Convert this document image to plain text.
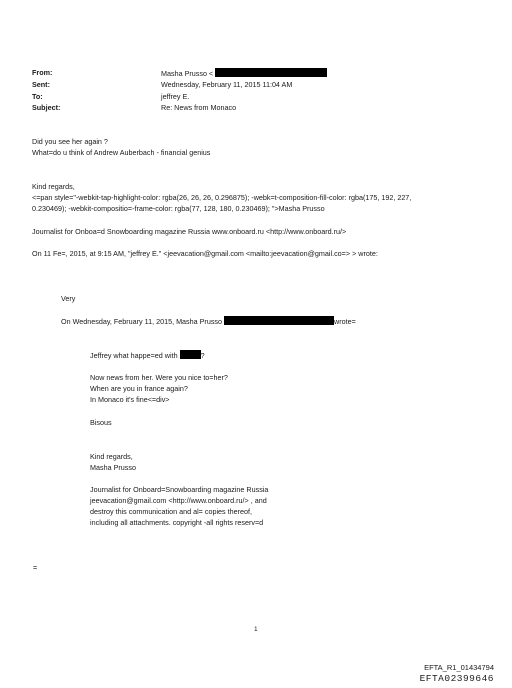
From:	Masha Prusso <
Sent:	Wednesday, February 11, 2015 11:04 AM
To:	jeffrey E.
Subject:	Re: News from Monaco
Did you see her again ?
What=do u think of Andrew Auberbach - financial genius
Kind regards,
<=pan style="-webkit-tap-highlight-color: rgba(26, 26, 26, 0.296875); -webk=t-composition-fill-color: rgba(175, 192, 227,
0.230469); -webkit-compositio=-frame-color: rgba(77, 128, 180, 0.230469); ">Masha Prusso
Journalist for Onboa=d Snowboarding magazine Russia www.onboard.ru <http://www.onboard.ru/>
On 11 Fe=, 2015, at 9:15 AM, "jeffrey E." <jeevacation@gmail.com <mailto:jeevacation@gmail.co=> > wrote:
Very
On Wednesday, February 11, 2015, Masha Prusso	wrote=
Jeffrey what happe=ed with	?
Now news from her. Were you nice to=her?
When are you in france again?
In Monaco it's fine<=div>
Bisous
Kind regards,
Masha Prusso
Journalist for Onboard=Snowboarding magazine Russia
jeevacation@gmail.com <http://www.onboard.ru/> , and
destroy this communication and al= copies thereof,
including all attachments. copyright -all rights reserv=d
=
1
EFTA_R1_01434794
EFTA02399646
